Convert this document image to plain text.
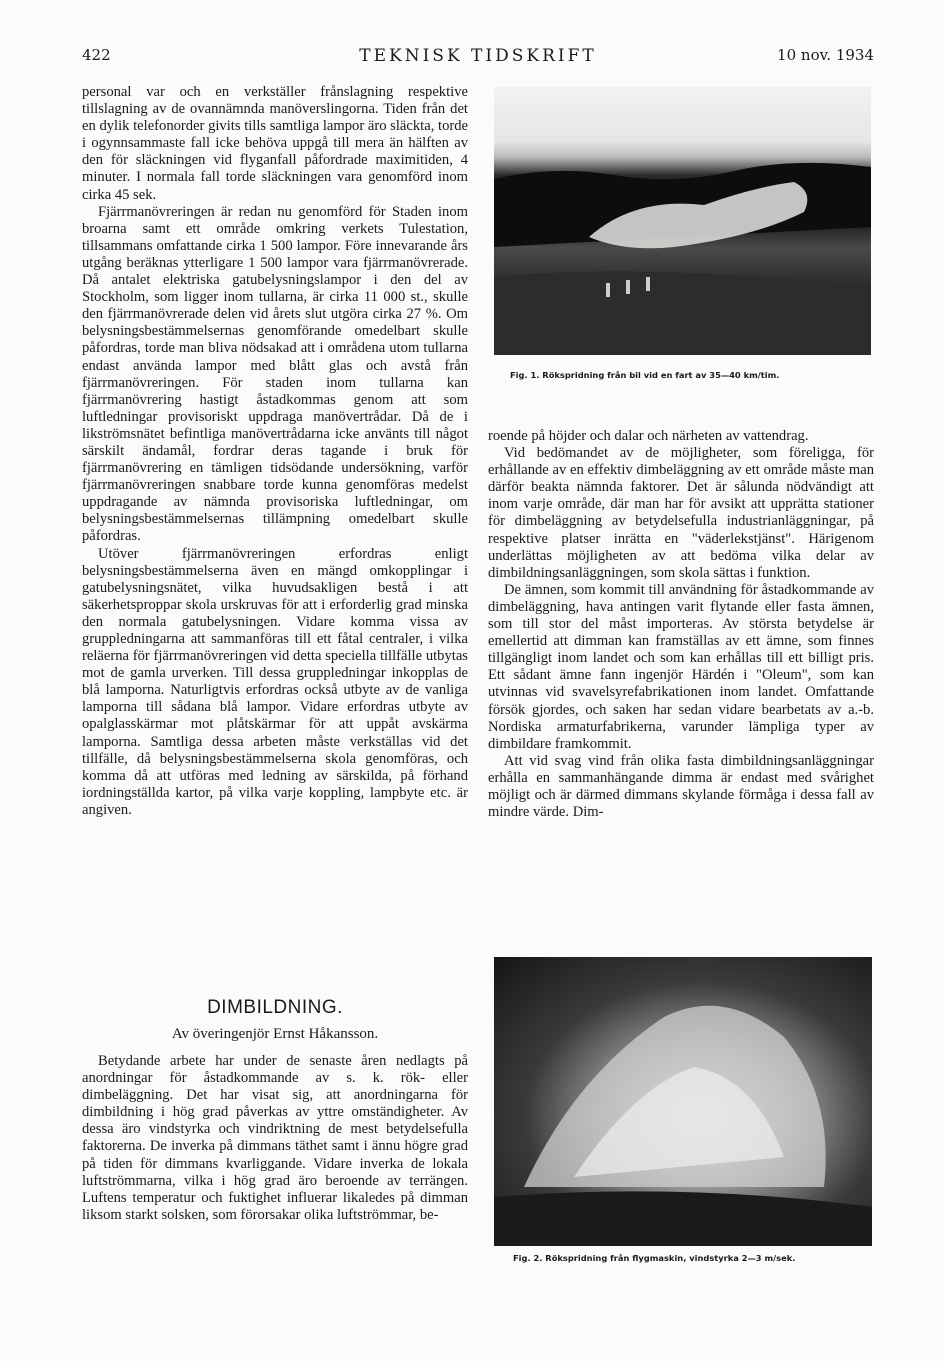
422	TEKNISK TIDSKRIFT	10 nov. 1934

personal var och en verkställer frånslagning respektive tillslagning av de ovannämnda manöverslingorna. Tiden från det en dylik telefonorder givits tills samtliga lampor äro släckta, torde i ogynnsammaste fall icke behöva uppgå till mera än hälften av den för släckningen vid flyganfall påfordrade maximitiden, 4 minuter. I normala fall torde släckningen vara genomförd inom cirka 45 sek.

Fjärrmanövreringen är redan nu genomförd för Staden inom broarna samt ett område omkring verkets Tulestation, tillsammans omfattande cirka 1 500 lampor. Före innevarande års utgång beräknas ytterligare 1 500 lampor vara fjärrmanövrerade. Då antalet elektriska gatubelysningslampor i den del av Stockholm, som ligger inom tullarna, är cirka 11 000 st., skulle den fjärrmanövrerade delen vid årets slut utgöra cirka 27 %. Om belysningsbestämmelsernas genomförande omedelbart skulle påfordras, torde man bliva nödsakad att i områdena utom tullarna endast använda lampor med blått glas och avstå från fjärrmanövreringen. För staden inom tullarna kan fjärrmanövrering hastigt åstadkommas genom att som luftledningar provisoriskt uppdraga manövertrådar. Då de i likströmsnätet befintliga manövertrådarna icke använts till något särskilt ändamål, fordrar deras tagande i bruk för fjärrmanövrering en tämligen tidsödande undersökning, varför fjärrmanövreringen snabbare torde kunna genomföras medelst uppdragande av nämnda provisoriska luftledningar, om belysningsbestämmelsernas tillämpning omedelbart skulle påfordras.

Utöver fjärrmanövreringen erfordras enligt belysningsbestämmelserna även en mängd omkopplingar i gatubelysningsnätet, vilka huvudsakligen bestå i att säkerhetsproppar skola urskruvas för att i erforderlig grad minska den normala gatubelysningen. Vidare komma vissa av gruppledningarna att sammanföras till ett fåtal centraler, i vilka reläerna för fjärrmanövreringen vid detta speciella tillfälle utbytas mot de gamla urverken. Till dessa gruppledningar inkopplas de blå lamporna. Naturligtvis erfordras också utbyte av de vanliga lamporna till sådana blå lampor. Vidare erfordras utbyte av opalglasskärmar mot plåtskärmar för att uppåt avskärma lamporna. Samtliga dessa arbeten måste verkställas vid det tillfälle, då belysningsbestämmelserna skola genomföras, och komma då att utföras med ledning av särskilda, på förhand iordningställda kartor, på vilka varje koppling, lampbyte etc. är angiven.

DIMBILDNING.
Av överingenjör Ernst Håkansson.

Betydande arbete har under de senaste åren nedlagts på anordningar för åstadkommande av s. k. rök- eller dimbeläggning. Det har visat sig, att anordningarna för dimbildning i hög grad påverkas av yttre omständigheter. Av dessa äro vindstyrka och vindriktning de mest betydelsefulla faktorerna. De inverka på dimmans täthet samt i ännu högre grad på tiden för dimmans kvarliggande. Vidare inverka de lokala luftströmmarna, vilka i hög grad äro beroende av terrängen. Luftens temperatur och fuktighet influerar likaledes på dimman liksom starkt solsken, som förorsakar olika luftströmmar, be-

Fig. 1. Rökspridning från bil vid en fart av 35—40 km/tim.

roende på höjder och dalar och närheten av vattendrag.

Vid bedömandet av de möjligheter, som föreligga, för erhållande av en effektiv dimbeläggning av ett område måste man därför beakta nämnda faktorer. Det är sålunda nödvändigt att inom varje område, där man har för avsikt att upprätta stationer för dimbeläggning av betydelsefulla industrianläggningar, på respektive platser inrätta en "väderlekstjänst". Härigenom underlättas möjligheten av att bedöma vilka delar av dimbildningsanläggningen, som skola sättas i funktion.

De ämnen, som kommit till användning för åstadkommande av dimbeläggning, hava antingen varit flytande eller fasta ämnen, som till stor del måst importeras. Av största betydelse är emellertid att dimman kan framställas av ett ämne, som finnes tillgängligt inom landet och som kan erhållas till ett billigt pris. Ett sådant ämne fann ingenjör Härdén i "Oleum", som kan utvinnas vid svavelsyrefabrikationen inom landet. Omfattande försök gjordes, och saken har sedan vidare bearbetats av a.-b. Nordiska armaturfabrikerna, varunder lämpliga typer av dimbildare framkommit.

Att vid svag vind från olika fasta dimbildningsanläggningar erhålla en sammanhängande dimma är endast med svårighet möjligt och är därmed dimmans skylande förmåga i dessa fall av mindre värde. Dim-

Fig. 2. Rökspridning från flygmaskin, vindstyrka 2—3 m/sek.
